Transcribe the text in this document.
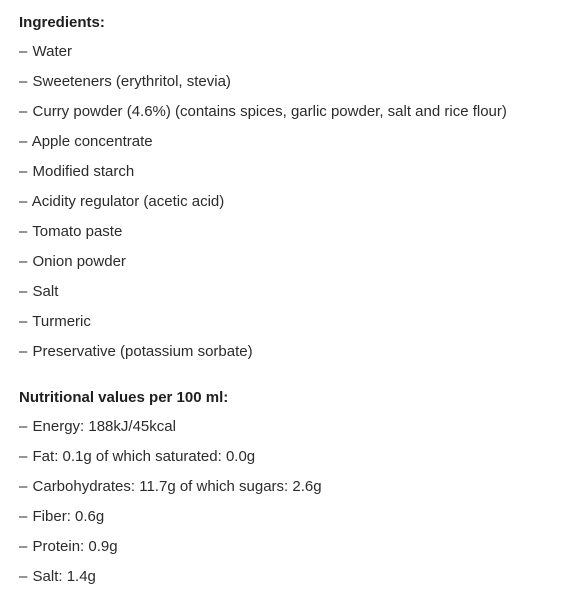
Ingredients:
– Water
– Sweeteners (erythritol, stevia)
– Curry powder (4.6%) (contains spices, garlic powder, salt and rice flour)
– Apple concentrate
– Modified starch
– Acidity regulator (acetic acid)
– Tomato paste
– Onion powder
– Salt
– Turmeric
– Preservative (potassium sorbate)
Nutritional values per 100 ml:
– Energy: 188kJ/45kcal
– Fat: 0.1g of which saturated: 0.0g
– Carbohydrates: 11.7g of which sugars: 2.6g
– Fiber: 0.6g
– Protein: 0.9g
– Salt: 1.4g
